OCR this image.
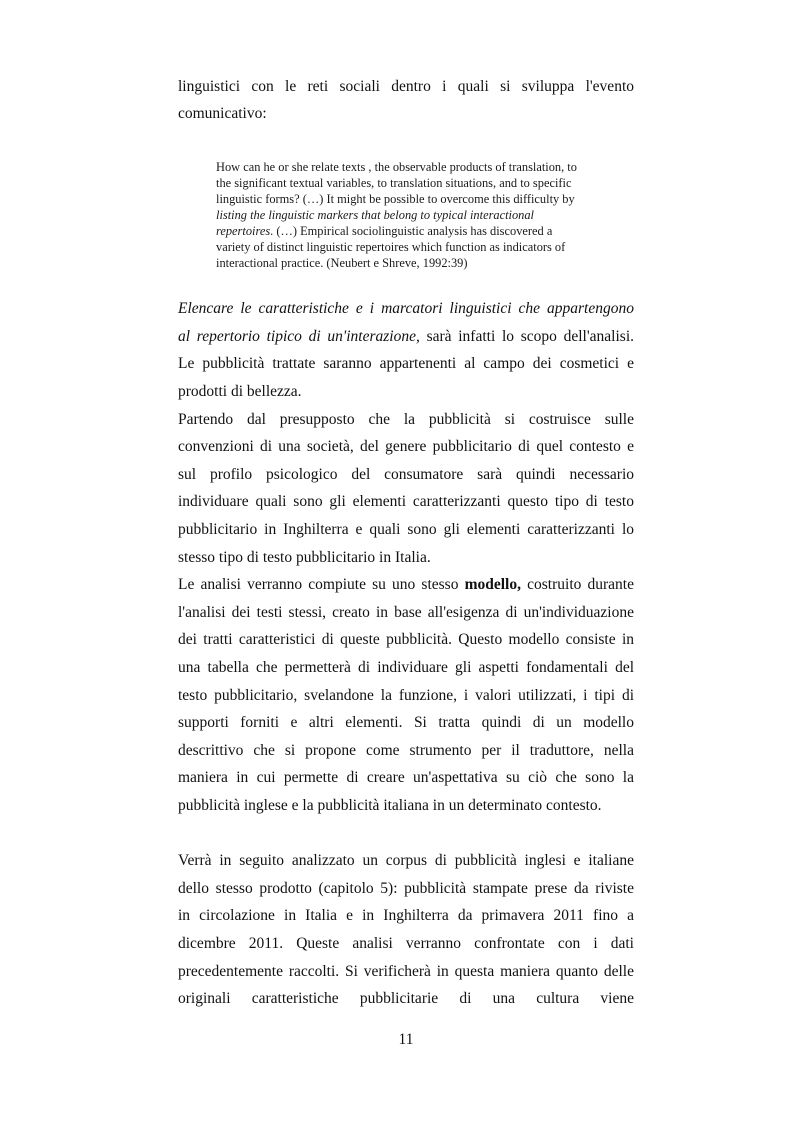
linguistici con le reti sociali dentro i quali si sviluppa l'evento
comunicativo:
How can he or she relate texts , the observable products of translation, to
the significant textual variables, to translation situations, and to specific
linguistic forms? (…) It might be possible to overcome this difficulty by
listing the linguistic markers that belong to typical interactional
repertoires. (…) Empirical sociolinguistic analysis has discovered a
variety of distinct linguistic repertoires which function as indicators of
interactional practice. (Neubert e Shreve, 1992:39)
Elencare le caratteristiche e i marcatori linguistici che appartengono
al repertorio tipico di un'interazione, sarà infatti lo scopo dell'analisi.
Le pubblicità trattate saranno appartenenti al campo dei cosmetici e
prodotti di bellezza.
Partendo dal presupposto che la pubblicità si costruisce sulle
convenzioni di una società, del genere pubblicitario di quel contesto e
sul profilo psicologico del consumatore sarà quindi necessario
individuare quali sono gli elementi caratterizzanti questo tipo di testo
pubblicitario in Inghilterra e quali sono gli elementi caratterizzanti lo
stesso tipo di testo pubblicitario in Italia.
Le analisi verranno compiute su uno stesso modello, costruito durante
l'analisi dei testi stessi, creato in base all'esigenza di un'individuazione
dei tratti caratteristici di queste pubblicità. Questo modello consiste in
una tabella che permetterà di individuare gli aspetti fondamentali del
testo pubblicitario, svelandone la funzione, i valori utilizzati, i tipi di
supporti forniti e altri elementi. Si tratta quindi di un modello
descrittivo che si propone come strumento per il traduttore, nella
maniera in cui permette di creare un'aspettativa su ciò che sono la
pubblicità inglese e la pubblicità italiana in un determinato contesto.
Verrà in seguito analizzato un corpus di pubblicità inglesi e italiane
dello stesso prodotto (capitolo 5): pubblicità stampate prese da riviste
in circolazione in Italia e in Inghilterra da primavera 2011 fino a
dicembre 2011. Queste analisi verranno confrontate con i dati
precedentemente raccolti. Si verificherà in questa maniera quanto delle
originali caratteristiche pubblicitarie di una cultura viene
11
